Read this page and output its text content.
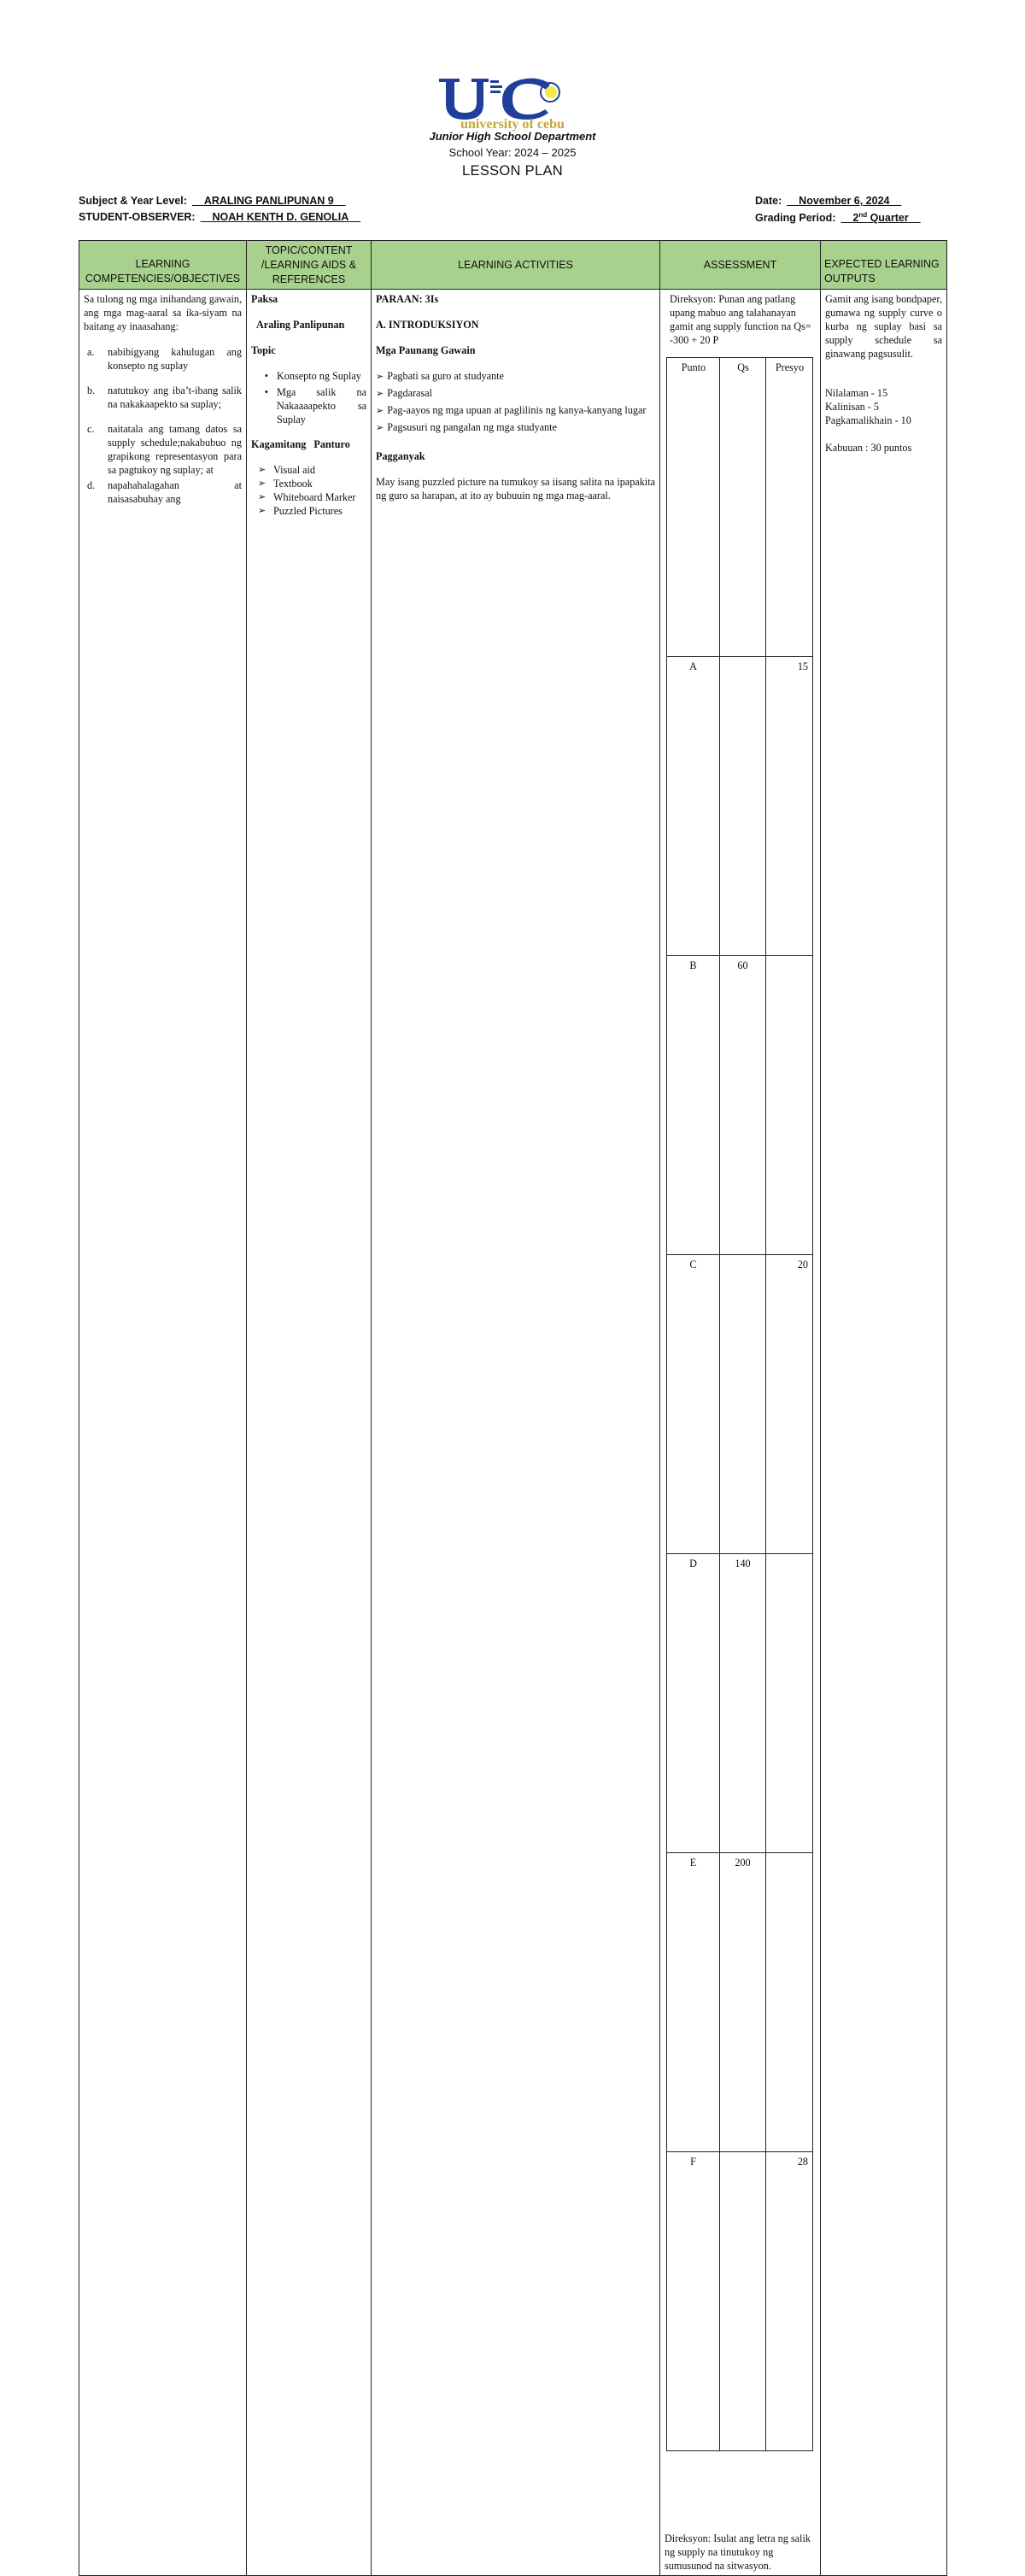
university of cebu
Junior High School Department
School Year: 2024 – 2025
LESSON PLAN
Subject & Year Level: ARALING PANLIPUNAN 9
STUDENT-OBSERVER: NOAH KENTH D. GENOLIA
Date: November 6, 2024
Grading Period: 2nd Quarter
LEARNING COMPETENCIES/OBJECTIVES	TOPIC/CONTENT /LEARNING AIDS & REFERENCES	LEARNING ACTIVITIES	ASSESSMENT	EXPECTED LEARNING OUTPUTS

Sa tulong ng mga inihandang gawain, ang mga mag-aaral sa ika-siyam na baitang ay inaasahang:
a.	nabibigyang kahulugan ang konsepto ng suplay
b.	natutukoy ang iba’t-ibang salik na nakakaapekto sa suplay;
c.	naitatala ang tamang datos sa supply schedule;nakabubuo ng grapikong representasyon para sa pagtukoy ng suplay; at
d.	napahahalagahan at naisasabuhay ang

Paksa
Araling Panlipunan
Topic
• Konsepto ng Suplay
• Mga salik na Nakaaaapekto sa Suplay
Kagamitang Panturo
➢ Visual aid
➢ Textbook
➢ Whiteboard Marker
➢ Puzzled Pictures

PARAAN: 3Is
A. INTRODUKSIYON
Mga Paunang Gawain
➢ Pagbati sa guro at studyante
➢ Pagdarasal
➢ Pag-aayos ng mga upuan at paglilinis ng kanya-kanyang lugar
➢ Pagsusuri ng pangalan ng mga studyante
Pagganyak
May isang puzzled picture na tumukoy sa iisang salita na ipapakita ng guro sa harapan, at ito ay bubuuin ng mga mag-aaral.

Direksyon: Punan ang patlang upang mabuo ang talahanayan gamit ang supply function na Qs= -300 + 20 P
Punto	Qs	Presyo
A		15
B	60	
C		20
D	140	
E	200	
F		28
Direksyon: Isulat ang letra ng salik ng supply na tinutukoy ng sumusunod na sitwasyon.

Gamit ang isang bondpaper, gumawa ng supply curve o kurba ng suplay basi sa supply schedule sa ginawang pagsusulit.
Nilalaman - 15
Kalinisan - 5
Pagkamalikhain - 10
Kabuuan : 30 puntos
